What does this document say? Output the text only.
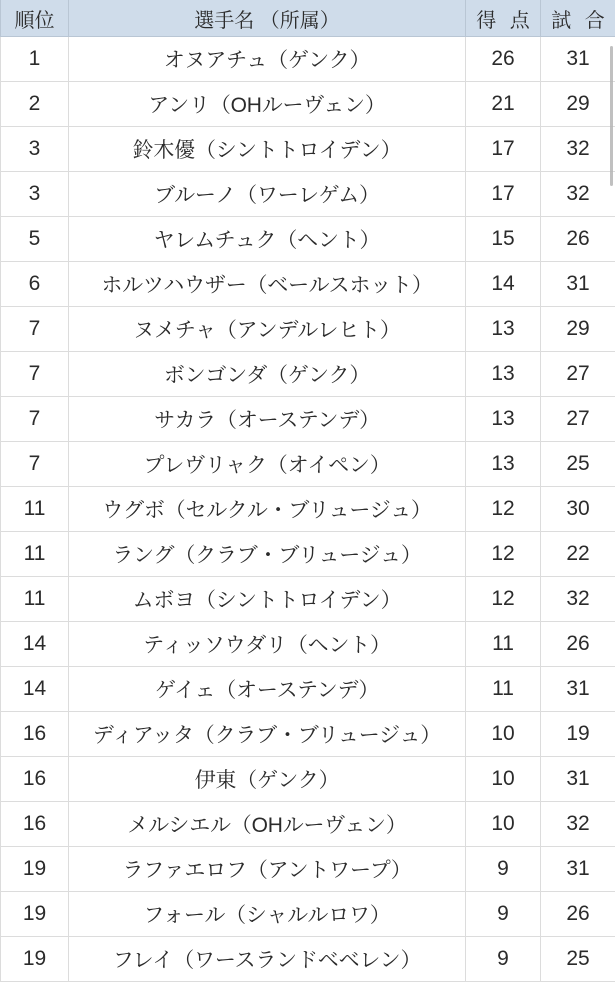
順位	選手名 （所属）	得 点	試 合
1	オヌアチュ（ゲンク）	26	31
2	アンリ（OHルーヴェン）	21	29
3	鈴木優（シントトロイデン）	17	32
3	ブルーノ（ワーレゲム）	17	32
5	ヤレムチュク（ヘント）	15	26
6	ホルツハウザー（ベールスホット）	14	31
7	ヌメチャ（アンデルレヒト）	13	29
7	ボンゴンダ（ゲンク）	13	27
7	サカラ（オーステンデ）	13	27
7	プレヴリャク（オイペン）	13	25
11	ウグボ（セルクル・ブリュージュ）	12	30
11	ラング（クラブ・ブリュージュ）	12	22
11	ムボヨ（シントトロイデン）	12	32
14	ティッソウダリ（ヘント）	11	26
14	ゲイェ（オーステンデ）	11	31
16	ディアッタ（クラブ・ブリュージュ）	10	19
16	伊東（ゲンク）	10	31
16	メルシエル（OHルーヴェン）	10	32
19	ラファエロフ（アントワープ）	9	31
19	フォール（シャルルロワ）	9	26
19	フレイ（ワースランドベベレン）	9	25
